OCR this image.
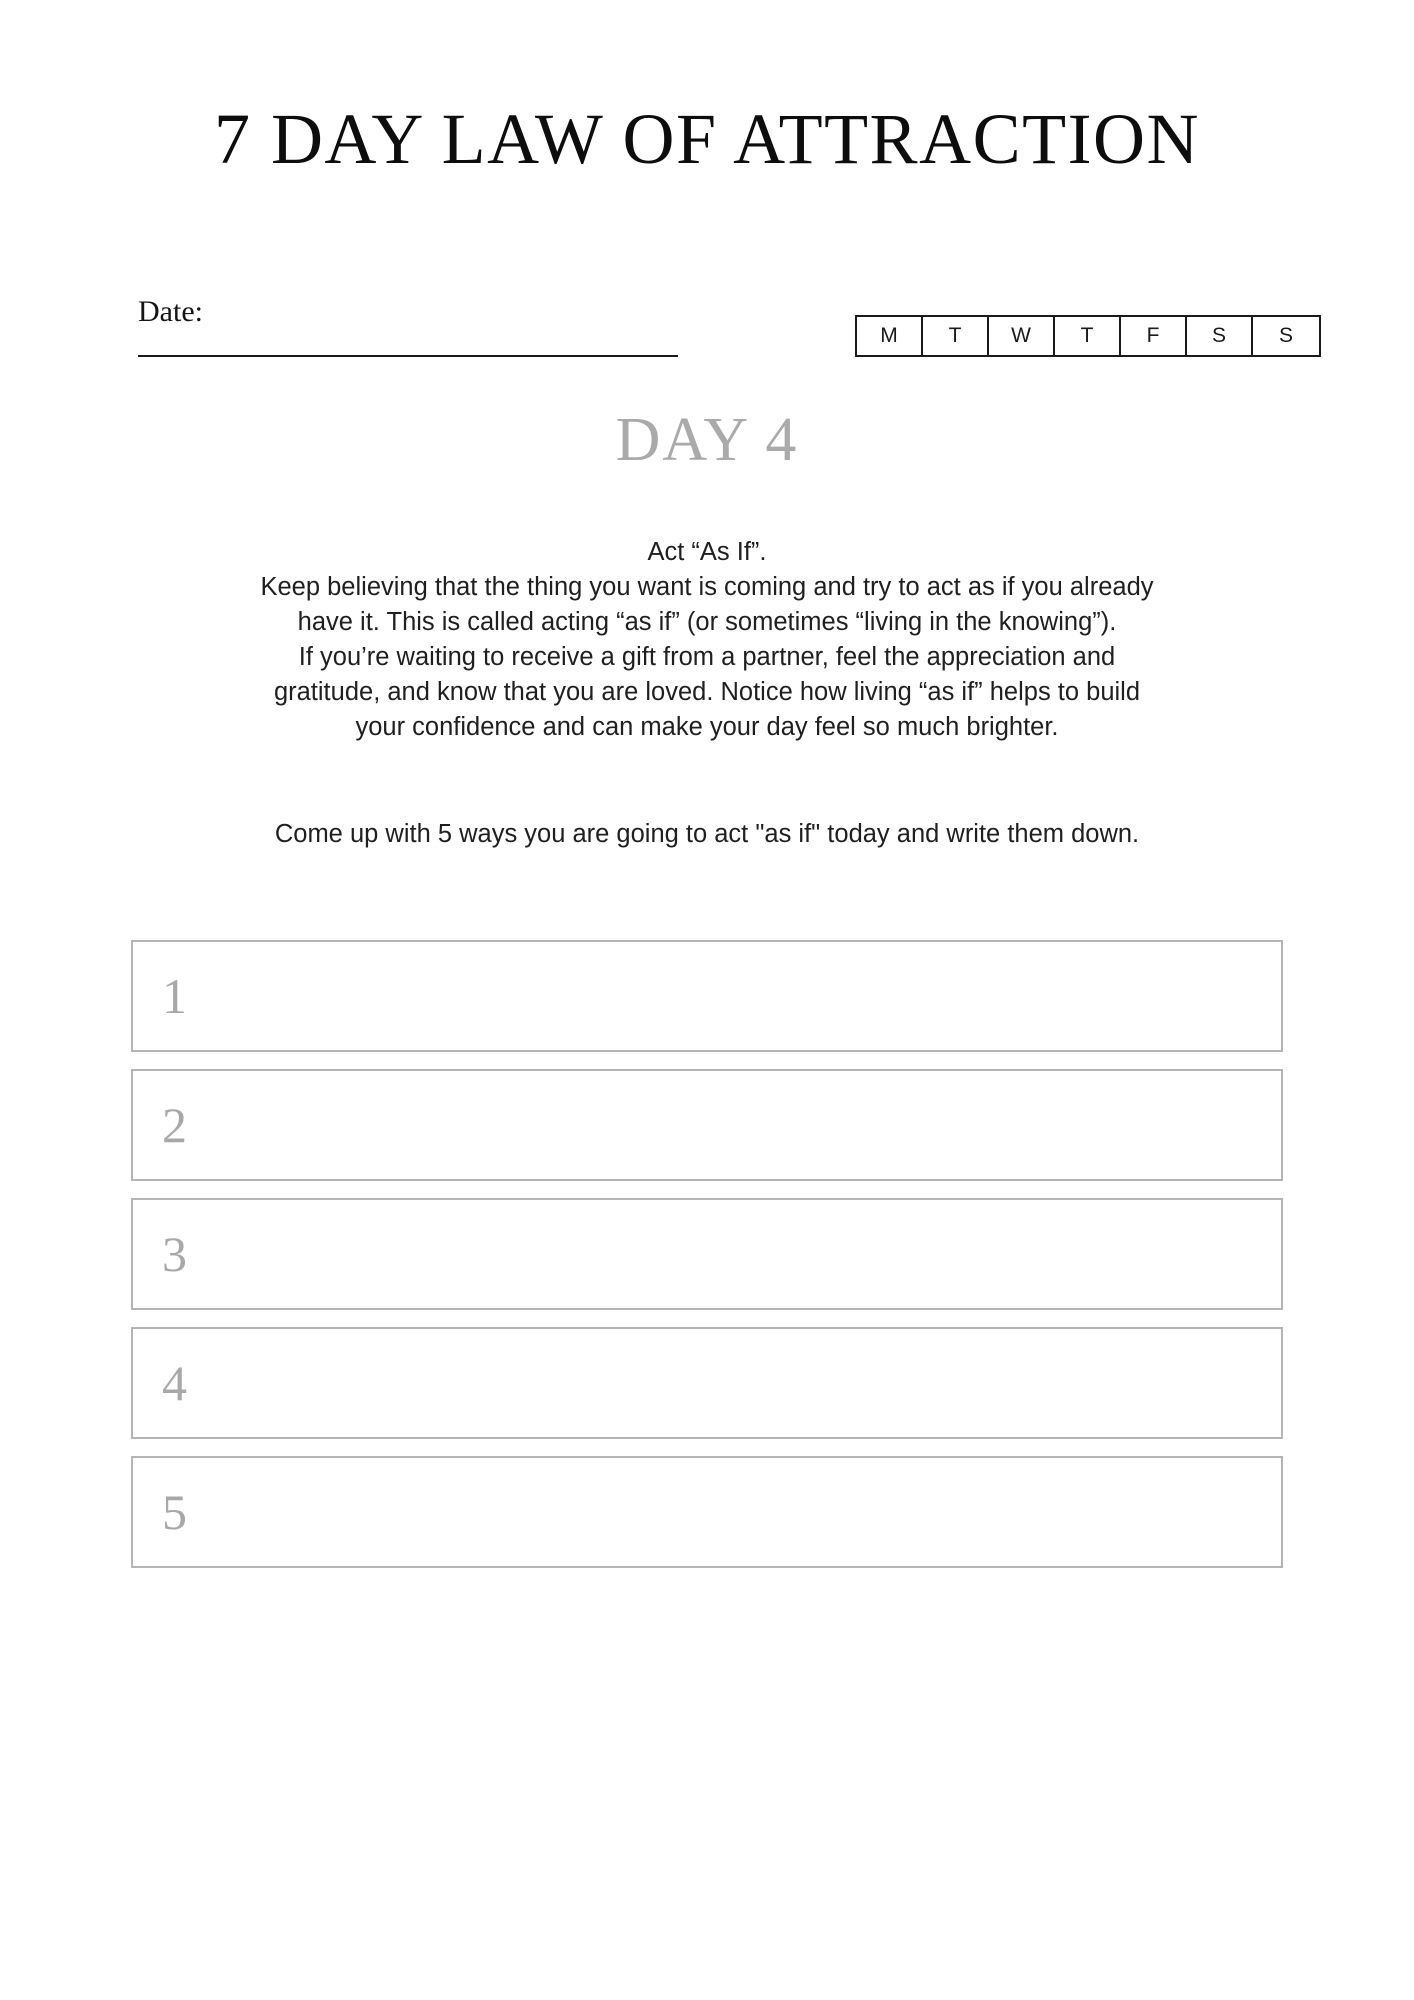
7 DAY LAW OF ATTRACTION
Date:
M	T	W	T	F	S	S
DAY 4

Act “As If”.

Keep believing that the thing you want is coming and try to act as if you already

have it. This is called acting “as if” (or sometimes “living in the knowing”).

If you’re waiting to receive a gift from a partner, feel the appreciation and

gratitude, and know that you are loved. Notice how living “as if” helps to build

your confidence and can make your day feel so much brighter.

Come up with 5 ways you are going to act "as if" today and write them down.
1
2
3
4
5
